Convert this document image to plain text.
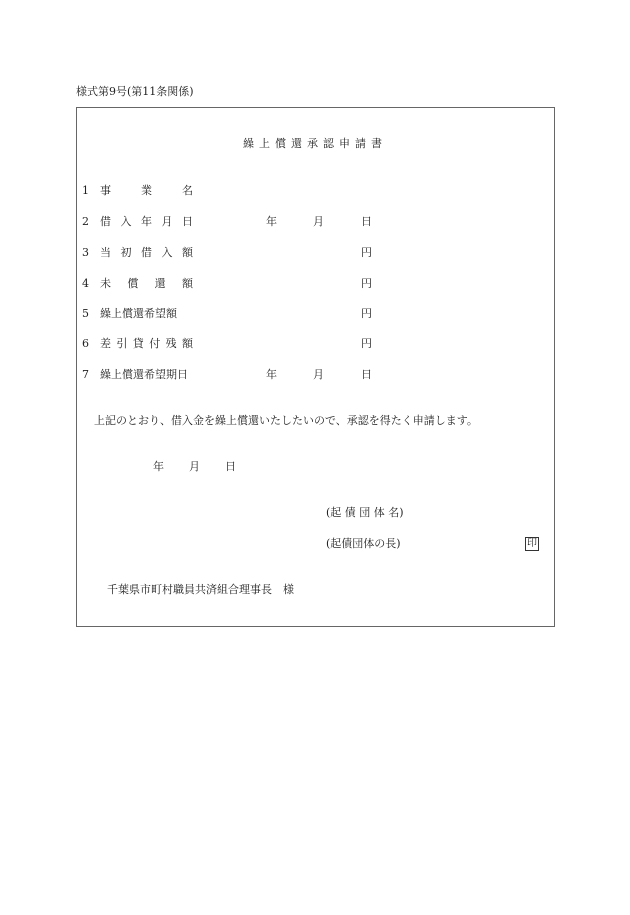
様式第9号(第11条関係)
繰上償還承認申請書
1 事業名
2 借入年月日	年	月	日
3 当初借入額	円
4 未償還額	円
5 繰上償還希望額	円
6 差引貸付残額	円
7 繰上償還希望期日	年	月	日
上記のとおり、借入金を繰上償還いたしたいので、承認を得たく申請します。
年 月 日
(起 債 団 体 名)
(起債団体の長)	印
千葉県市町村職員共済組合理事長　様
